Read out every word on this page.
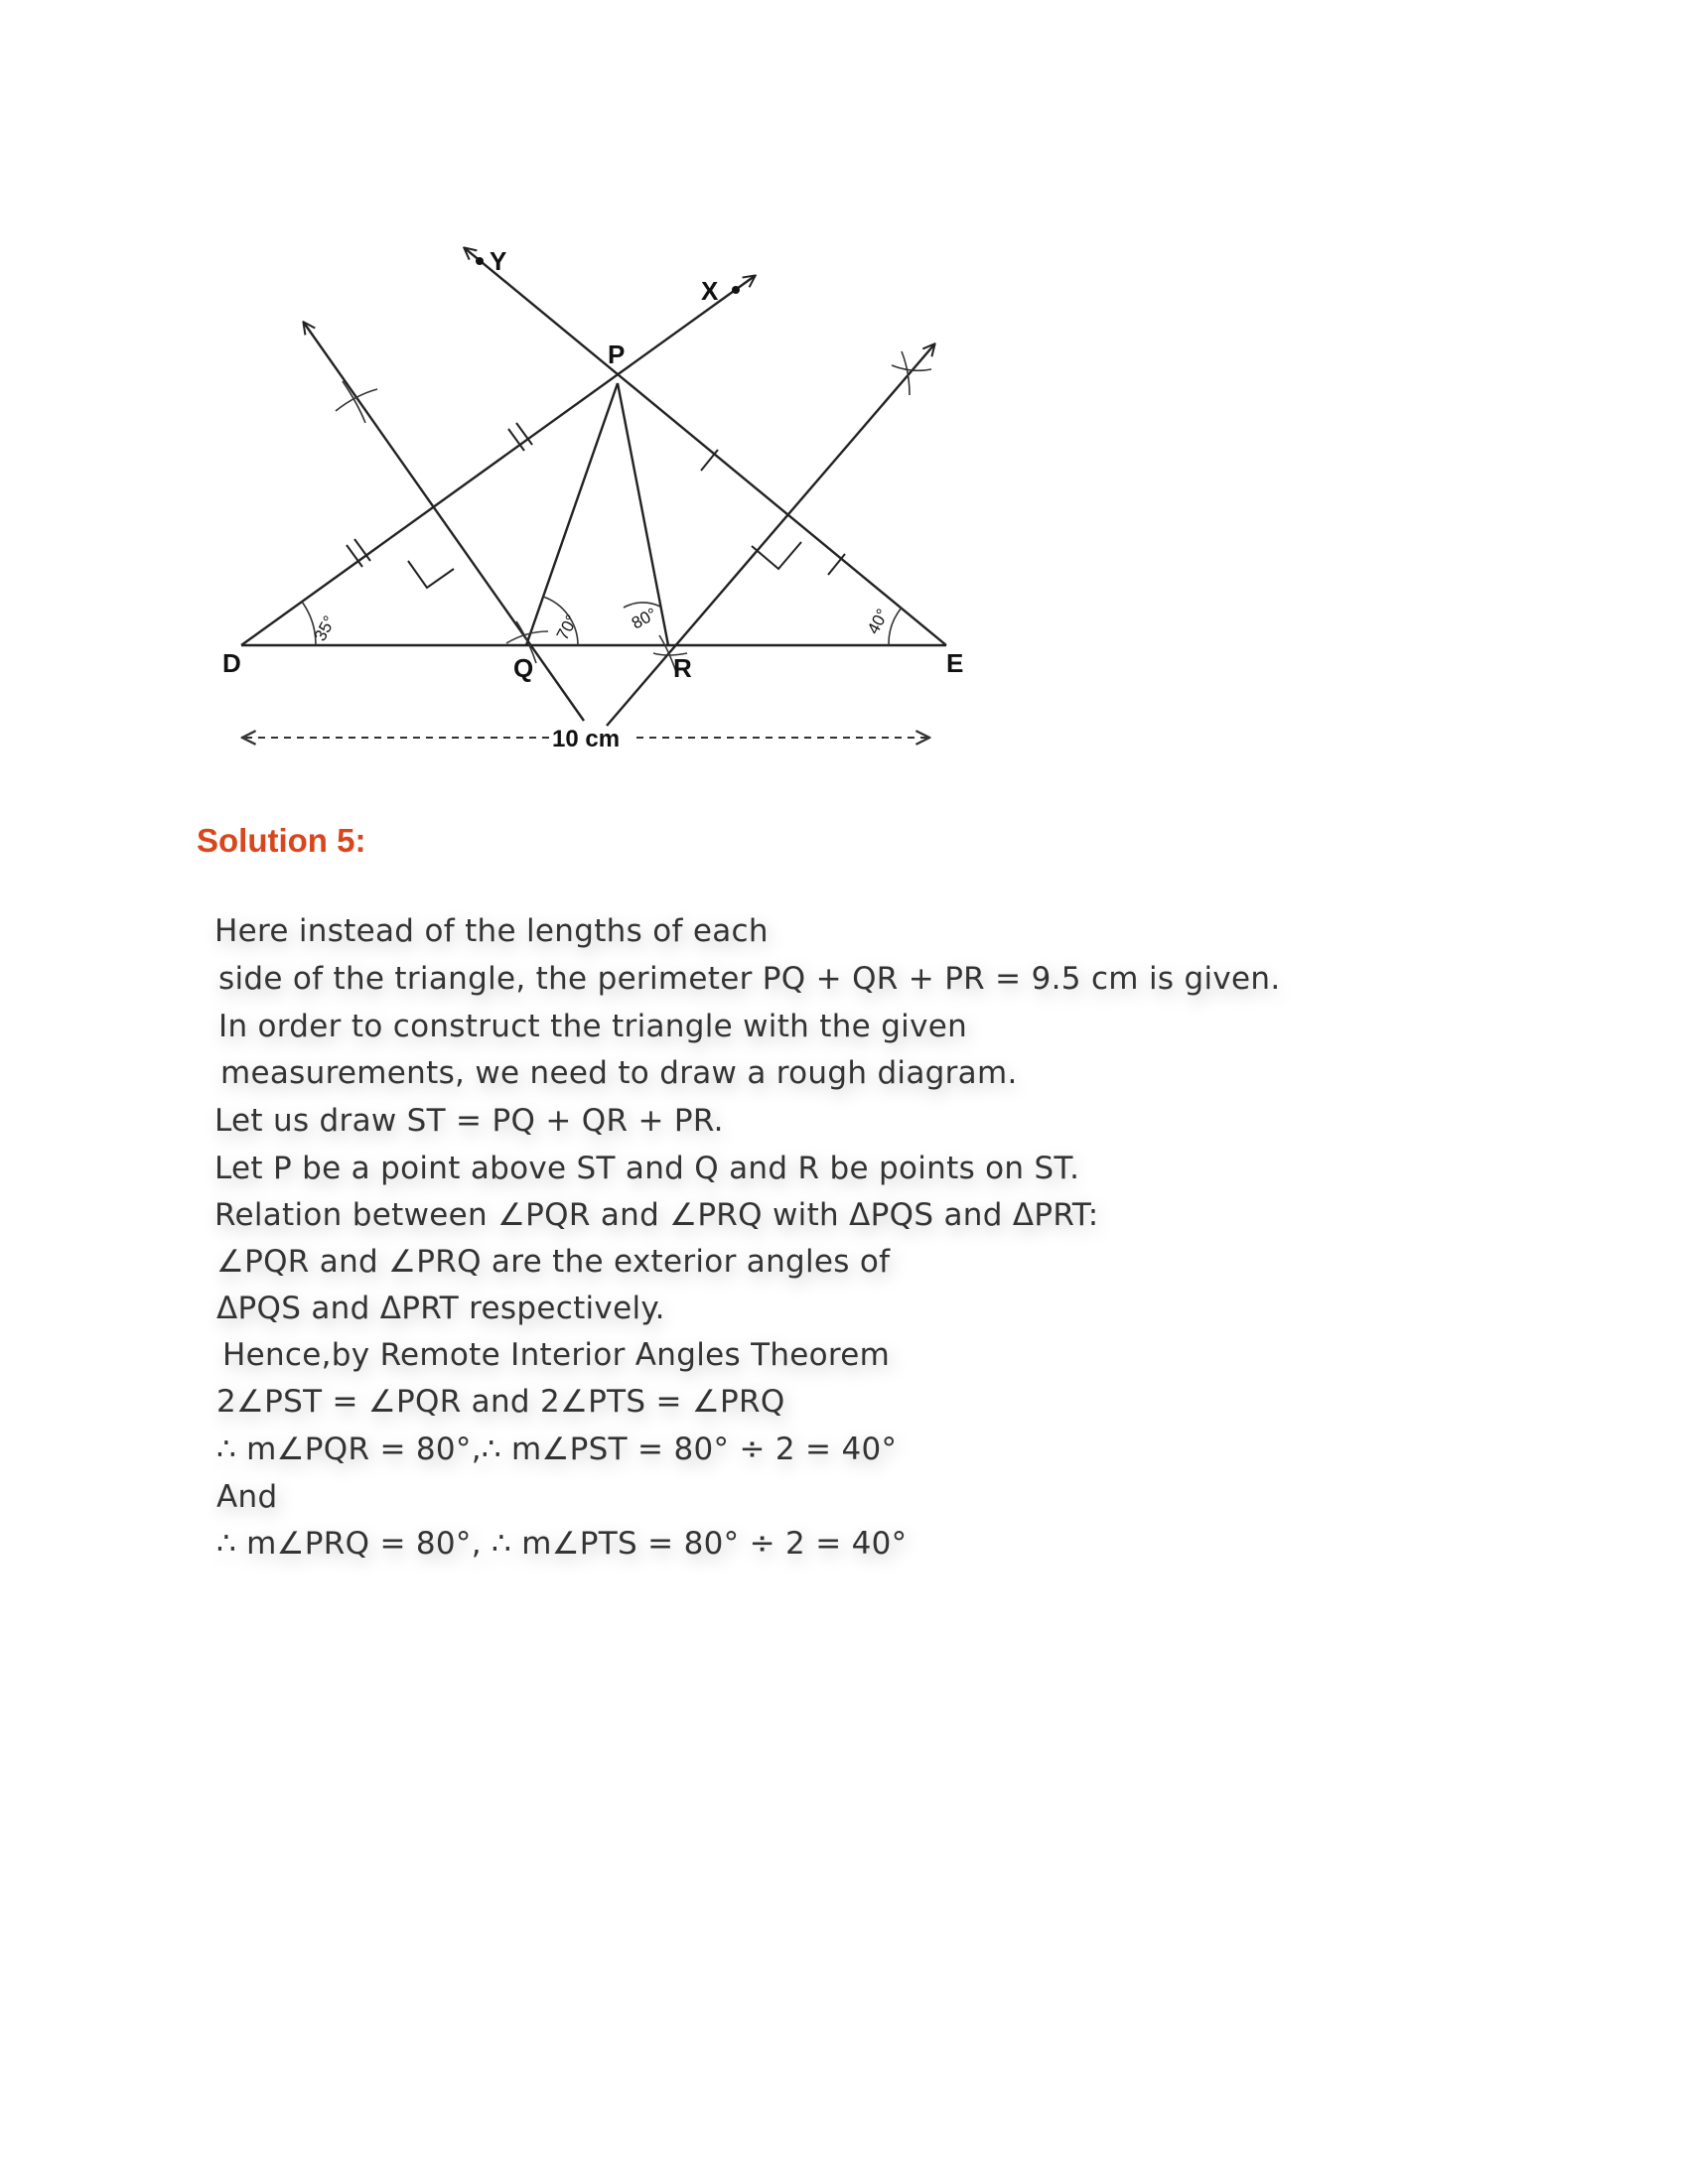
D	Q	R	E
P
X
Y
35°	70°	80°	40°
10 cm
Solution 5:

Here instead of the lengths of each

side of the triangle, the perimeter PQ + QR + PR = 9.5 cm is given.

In order to construct the triangle with the given

measurements, we need to draw a rough diagram.

Let us draw ST = PQ + QR + PR.

Let P be a point above ST and Q and R be points on ST.

Relation between ∠PQR and ∠PRQ with ΔPQS and ΔPRT:

∠PQR and ∠PRQ are the exterior angles of

ΔPQS and ΔPRT respectively.

Hence,by Remote Interior Angles Theorem

2∠PST = ∠PQR and 2∠PTS = ∠PRQ

∴ m∠PQR = 80°,∴ m∠PST = 80° ÷ 2 = 40°

And

∴ m∠PRQ = 80°, ∴ m∠PTS = 80° ÷ 2 = 40°
